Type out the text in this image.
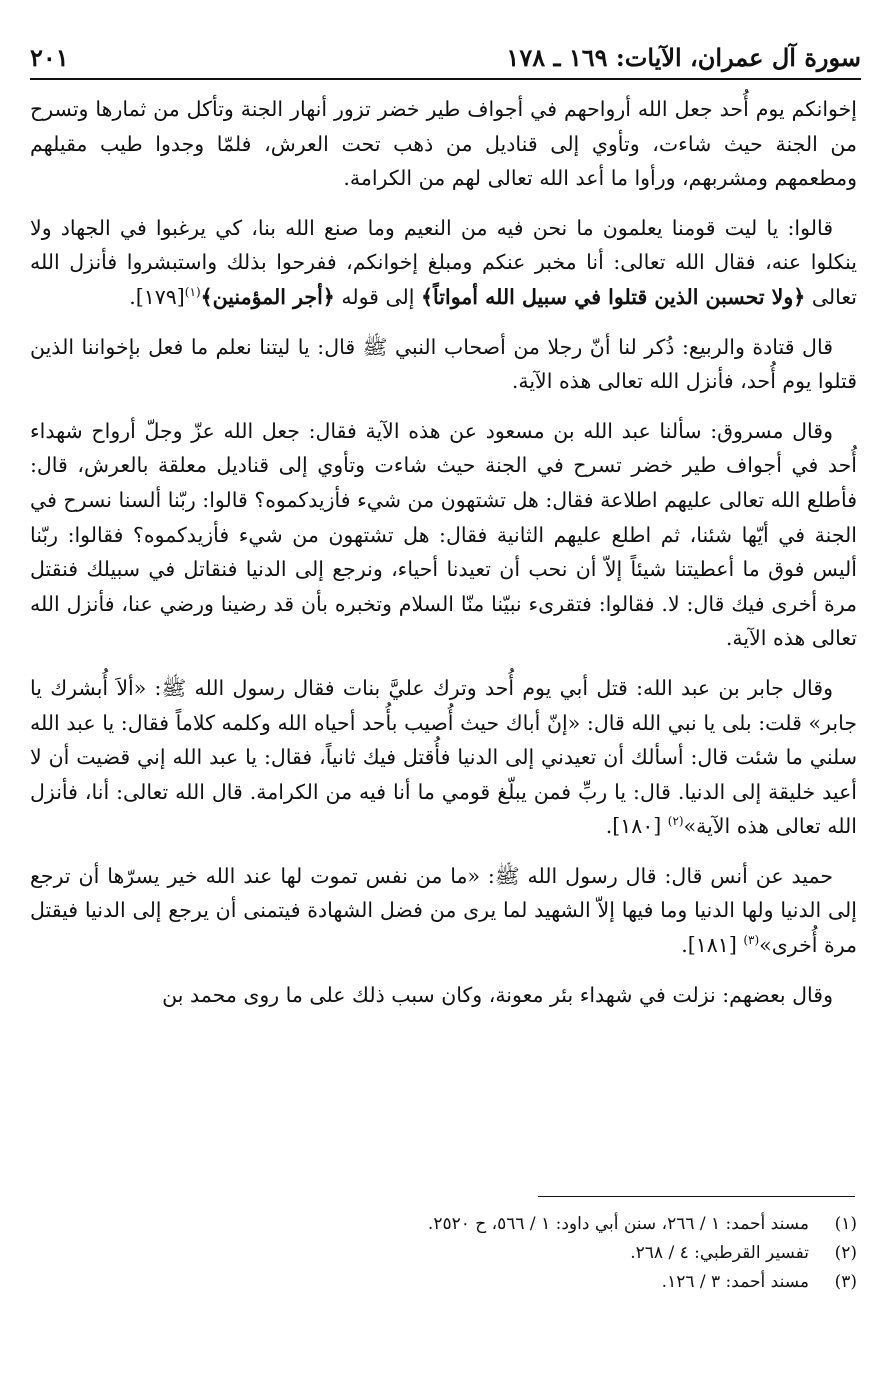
سورة آل عمران، الآيات: ١٦٩ ـ ١٧٨
٢٠١

إخوانكم يوم أُحد جعل الله أرواحهم في أجواف طير خضر تزور أنهار الجنة وتأكل من ثمارها وتسرح من الجنة حيث شاءت، وتأوي إلى قناديل من ذهب تحت العرش، فلمّا وجدوا طيب مقيلهم ومطعمهم ومشربهم، ورأوا ما أعد الله تعالى لهم من الكرامة.

قالوا: يا ليت قومنا يعلمون ما نحن فيه من النعيم وما صنع الله بنا، كي يرغبوا في الجهاد ولا ينكلوا عنه، فقال الله تعالى: أنا مخبر عنكم ومبلغ إخوانكم، ففرحوا بذلك واستبشروا فأنزل الله تعالى ﴿ولا تحسبن الذين قتلوا في سبيل الله أمواتاً﴾ إلى قوله ﴿أجر المؤمنين﴾$^{(١)}$[١٧٩].

قال قتادة والربيع: ذُكر لنا أنّ رجلا من أصحاب النبي ﷺ قال: يا ليتنا نعلم ما فعل بإخواننا الذين قتلوا يوم أُحد، فأنزل الله تعالى هذه الآية.

وقال مسروق: سألنا عبد الله بن مسعود عن هذه الآية فقال: جعل الله عزّ وجلّ أرواح شهداء أُحد في أجواف طير خضر تسرح في الجنة حيث شاءت وتأوي إلى قناديل معلقة بالعرش، قال: فأطلع الله تعالى عليهم اطلاعة فقال: هل تشتهون من شيء فأزيدكموه؟ قالوا: ربّنا ألسنا نسرح في الجنة في أيّها شئنا، ثم اطلع عليهم الثانية فقال: هل تشتهون من شيء فأزيدكموه؟ فقالوا: ربّنا أليس فوق ما أعطيتنا شيئاً إلاّ أن نحب أن تعيدنا أحياء، ونرجع إلى الدنيا فنقاتل في سبيلك فنقتل مرة أخرى فيك قال: لا. فقالوا: فتقرىء نبيّنا منّا السلام وتخبره بأن قد رضينا ورضي عنا، فأنزل الله تعالى هذه الآية.

وقال جابر بن عبد الله: قتل أبي يوم أُحد وترك عليَّ بنات فقال رسول الله ﷺ: «ألاَ أُبشرك يا جابر» قلت: بلى يا نبي الله قال: «إنّ أباك حيث أُصيب بأُحد أحياه الله وكلمه كلاماً فقال: يا عبد الله سلني ما شئت قال: أسألك أن تعيدني إلى الدنيا فأُقتل فيك ثانياً، فقال: يا عبد الله إني قضيت أن لا أعيد خليقة إلى الدنيا. قال: يا ربِّ فمن يبلّغ قومي ما أنا فيه من الكرامة. قال الله تعالى: أنا، فأنزل الله تعالى هذه الآية»$^{(٢)}$ [١٨٠].

حميد عن أنس قال: قال رسول الله ﷺ: «ما من نفس تموت لها عند الله خير يسرّها أن ترجع إلى الدنيا ولها الدنيا وما فيها إلاّ الشهيد لما يرى من فضل الشهادة فيتمنى أن يرجع إلى الدنيا فيقتل مرة أُخرى»$^{(٣)}$ [١٨١].

وقال بعضهم: نزلت في شهداء بئر معونة، وكان سبب ذلك على ما روى محمد بن

(١)
مسند أحمد: ١ / ٢٦٦، سنن أبي داود: ١ / ٥٦٦، ح ٢٥٢٠.
(٢)
تفسير القرطبي: ٤ / ٢٦٨.
(٣)
مسند أحمد: ٣ / ١٢٦.
